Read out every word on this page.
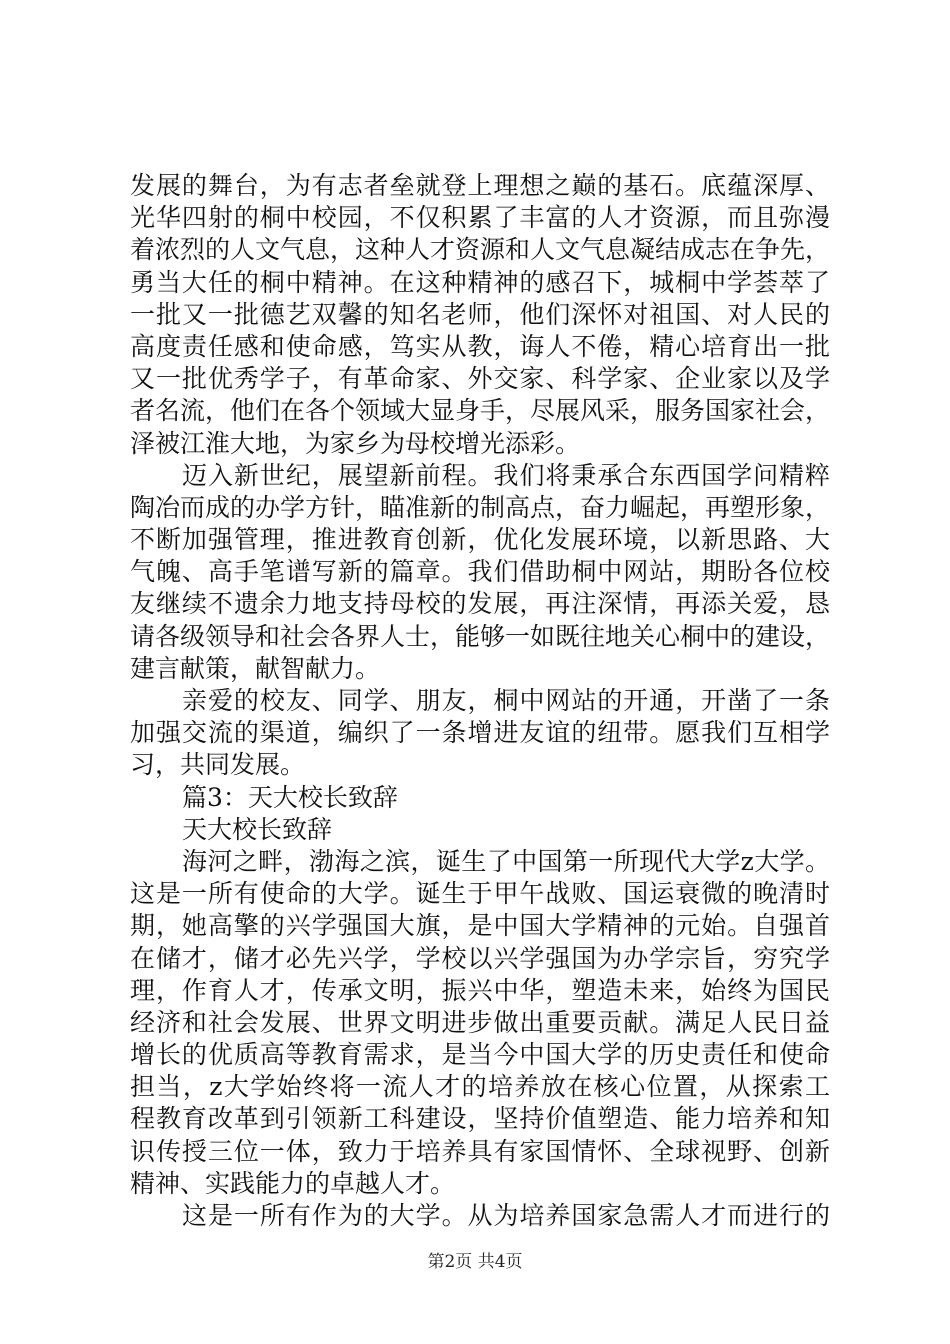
发展的舞台，为有志者垒就登上理想之巅的基石。底蕴深厚、
光华四射的桐中校园，不仅积累了丰富的人才资源，而且弥漫
着浓烈的人文气息，这种人才资源和人文气息凝结成志在争先，
勇当大任的桐中精神。在这种精神的感召下，城桐中学荟萃了
一批又一批德艺双馨的知名老师，他们深怀对祖国、对人民的
高度责任感和使命感，笃实从教，诲人不倦，精心培育出一批
又一批优秀学子，有革命家、外交家、科学家、企业家以及学
者名流，他们在各个领域大显身手，尽展风采，服务国家社会，
泽被江淮大地，为家乡为母校增光添彩。
迈入新世纪，展望新前程。我们将秉承合东西国学问精粹
陶冶而成的办学方针，瞄准新的制高点，奋力崛起，再塑形象，
不断加强管理，推进教育创新，优化发展环境，以新思路、大
气魄、高手笔谱写新的篇章。我们借助桐中网站，期盼各位校
友继续不遗余力地支持母校的发展，再注深情，再添关爱，恳
请各级领导和社会各界人士，能够一如既往地关心桐中的建设，
建言献策，献智献力。
亲爱的校友、同学、朋友，桐中网站的开通，开凿了一条
加强交流的渠道，编织了一条增进友谊的纽带。愿我们互相学
习，共同发展。
篇3：天大校长致辞
天大校长致辞
海河之畔，渤海之滨，诞生了中国第一所现代大学z大学。
这是一所有使命的大学。诞生于甲午战败、国运衰微的晚清时
期，她高擎的兴学强国大旗，是中国大学精神的元始。自强首
在储才，储才必先兴学，学校以兴学强国为办学宗旨，穷究学
理，作育人才，传承文明，振兴中华，塑造未来，始终为国民
经济和社会发展、世界文明进步做出重要贡献。满足人民日益
增长的优质高等教育需求，是当今中国大学的历史责任和使命
担当，z大学始终将一流人才的培养放在核心位置，从探索工
程教育改革到引领新工科建设，坚持价值塑造、能力培养和知
识传授三位一体，致力于培养具有家国情怀、全球视野、创新
精神、实践能力的卓越人才。
这是一所有作为的大学。从为培养国家急需人才而进行的
第2页 共4页
